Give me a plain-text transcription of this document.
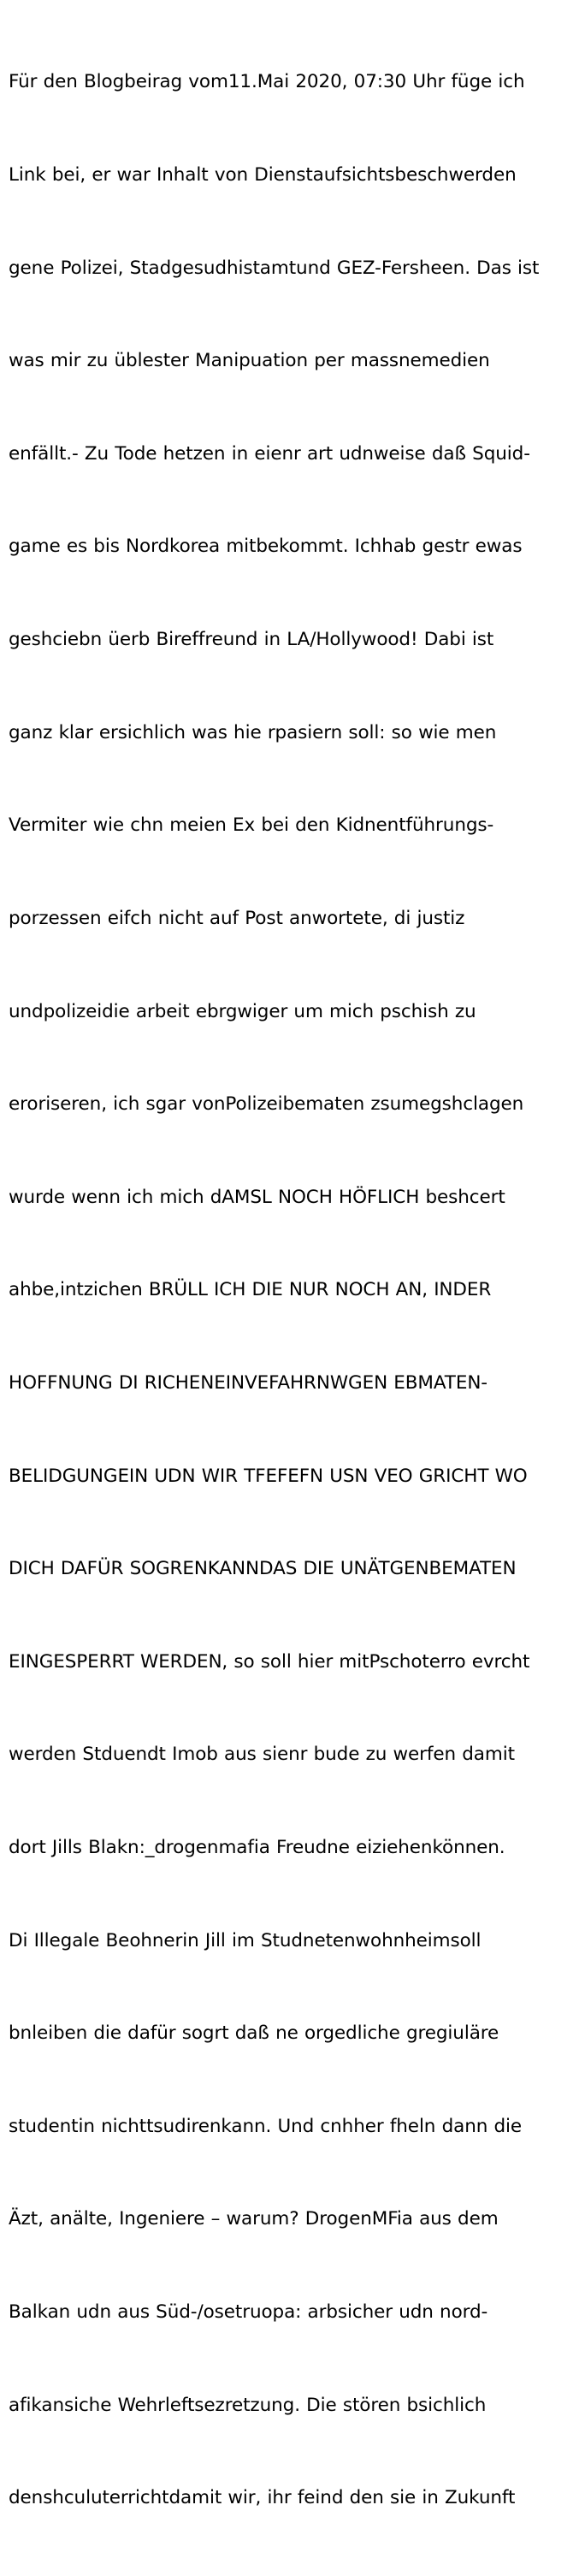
Für den Blogbeirag vom11.Mai 2020, 07:30 Uhr füge ich

Link bei, er war Inhalt von Dienstaufsichtsbeschwerden

gene Polizei, Stadgesudhistamtund GEZ-Fersheen. Das ist

was mir zu üblester Manipuation per massnemedien

enfällt.- Zu Tode hetzen in eienr art udnweise daß Squid-

game es bis Nordkorea mitbekommt. Ichhab gestr ewas

geshciebn üerb Bireffreund in LA/Hollywood! Dabi ist

ganz klar ersichlich was hie rpasiern soll: so wie men

Vermiter wie chn meien Ex bei den Kidnentführungs-

porzessen eifch nicht auf Post anwortete, di justiz

undpolizeidie arbeit ebrgwiger um mich pschish zu

eroriseren, ich sgar vonPolizeibematen zsumegshclagen

wurde wenn ich mich dAMSL NOCH HÖFLICH beshcert

ahbe,intzichen BRÜLL ICH DIE NUR NOCH AN, INDER

HOFFNUNG DI RICHENEINVEFAHRNWGEN EBMATEN-

BELIDGUNGEIN UDN WIR TFEFEFN USN VEO GRICHT WO

DICH DAFÜR SOGRENKANNDAS DIE UNÄTGENBEMATEN

EINGESPERRT WERDEN, so soll hier mitPschoterro evrcht

werden Stduendt Imob aus sienr bude zu werfen damit

dort Jills Blakn:_drogenmafia Freudne eiziehenkönnen.

Di Illegale Beohnerin Jill im Studnetenwohnheimsoll

bnleiben die dafür sogrt daß ne orgedliche gregiuläre

studentin nichttsudirenkann. Und cnhher fheln dann die

Äzt, anälte, Ingeniere – warum? DrogenMFia aus dem

Balkan udn aus Süd-/osetruopa: arbsicher udn nord-

afikansiche Wehrleftsezretzung. Die stören bsichlich

denshculuterrichtdamit wir, ihr feind den sie in Zukunft
